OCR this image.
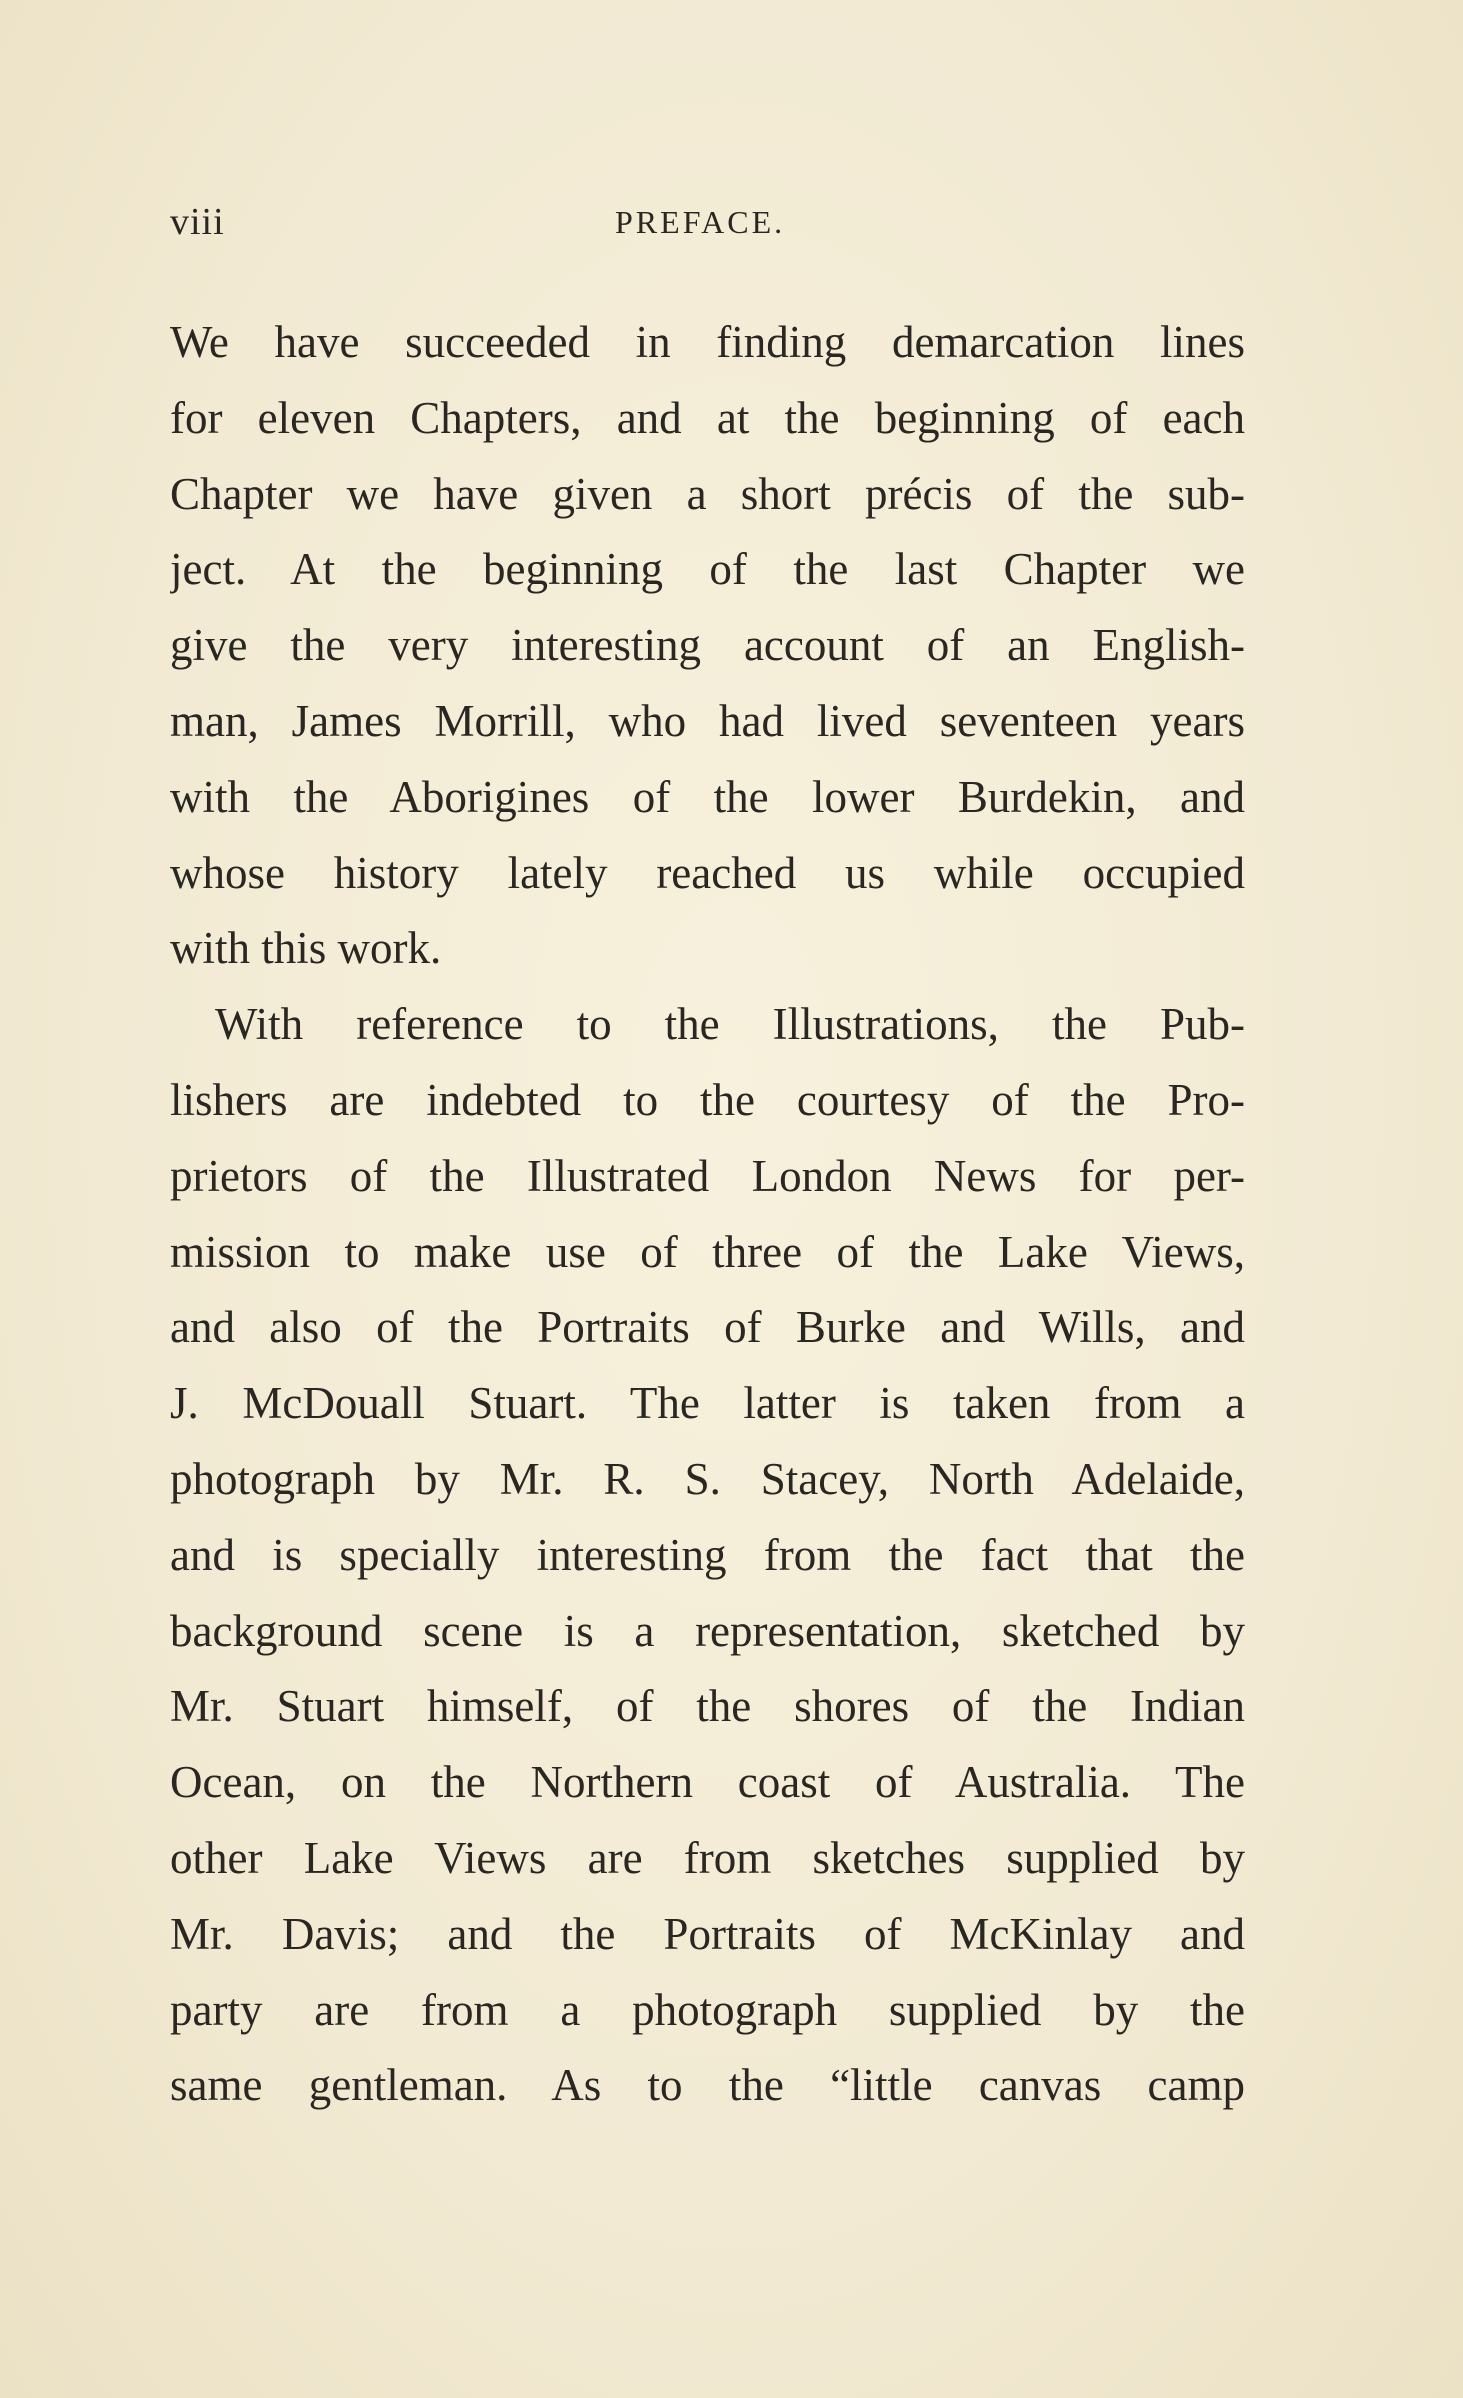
viii	PREFACE.
We have succeeded in finding demarcation lines
for eleven Chapters, and at the beginning of each
Chapter we have given a short précis of the sub-
ject. At the beginning of the last Chapter we
give the very interesting account of an English-
man, James Morrill, who had lived seventeen years
with the Aborigines of the lower Burdekin, and
whose history lately reached us while occupied
with this work.
With reference to the Illustrations, the Pub-
lishers are indebted to the courtesy of the Pro-
prietors of the Illustrated London News for per-
mission to make use of three of the Lake Views,
and also of the Portraits of Burke and Wills, and
J. McDouall Stuart. The latter is taken from a
photograph by Mr. R. S. Stacey, North Adelaide,
and is specially interesting from the fact that the
background scene is a representation, sketched by
Mr. Stuart himself, of the shores of the Indian
Ocean, on the Northern coast of Australia. The
other Lake Views are from sketches supplied by
Mr. Davis; and the Portraits of McKinlay and
party are from a photograph supplied by the
same gentleman. As to the “little canvas camp
